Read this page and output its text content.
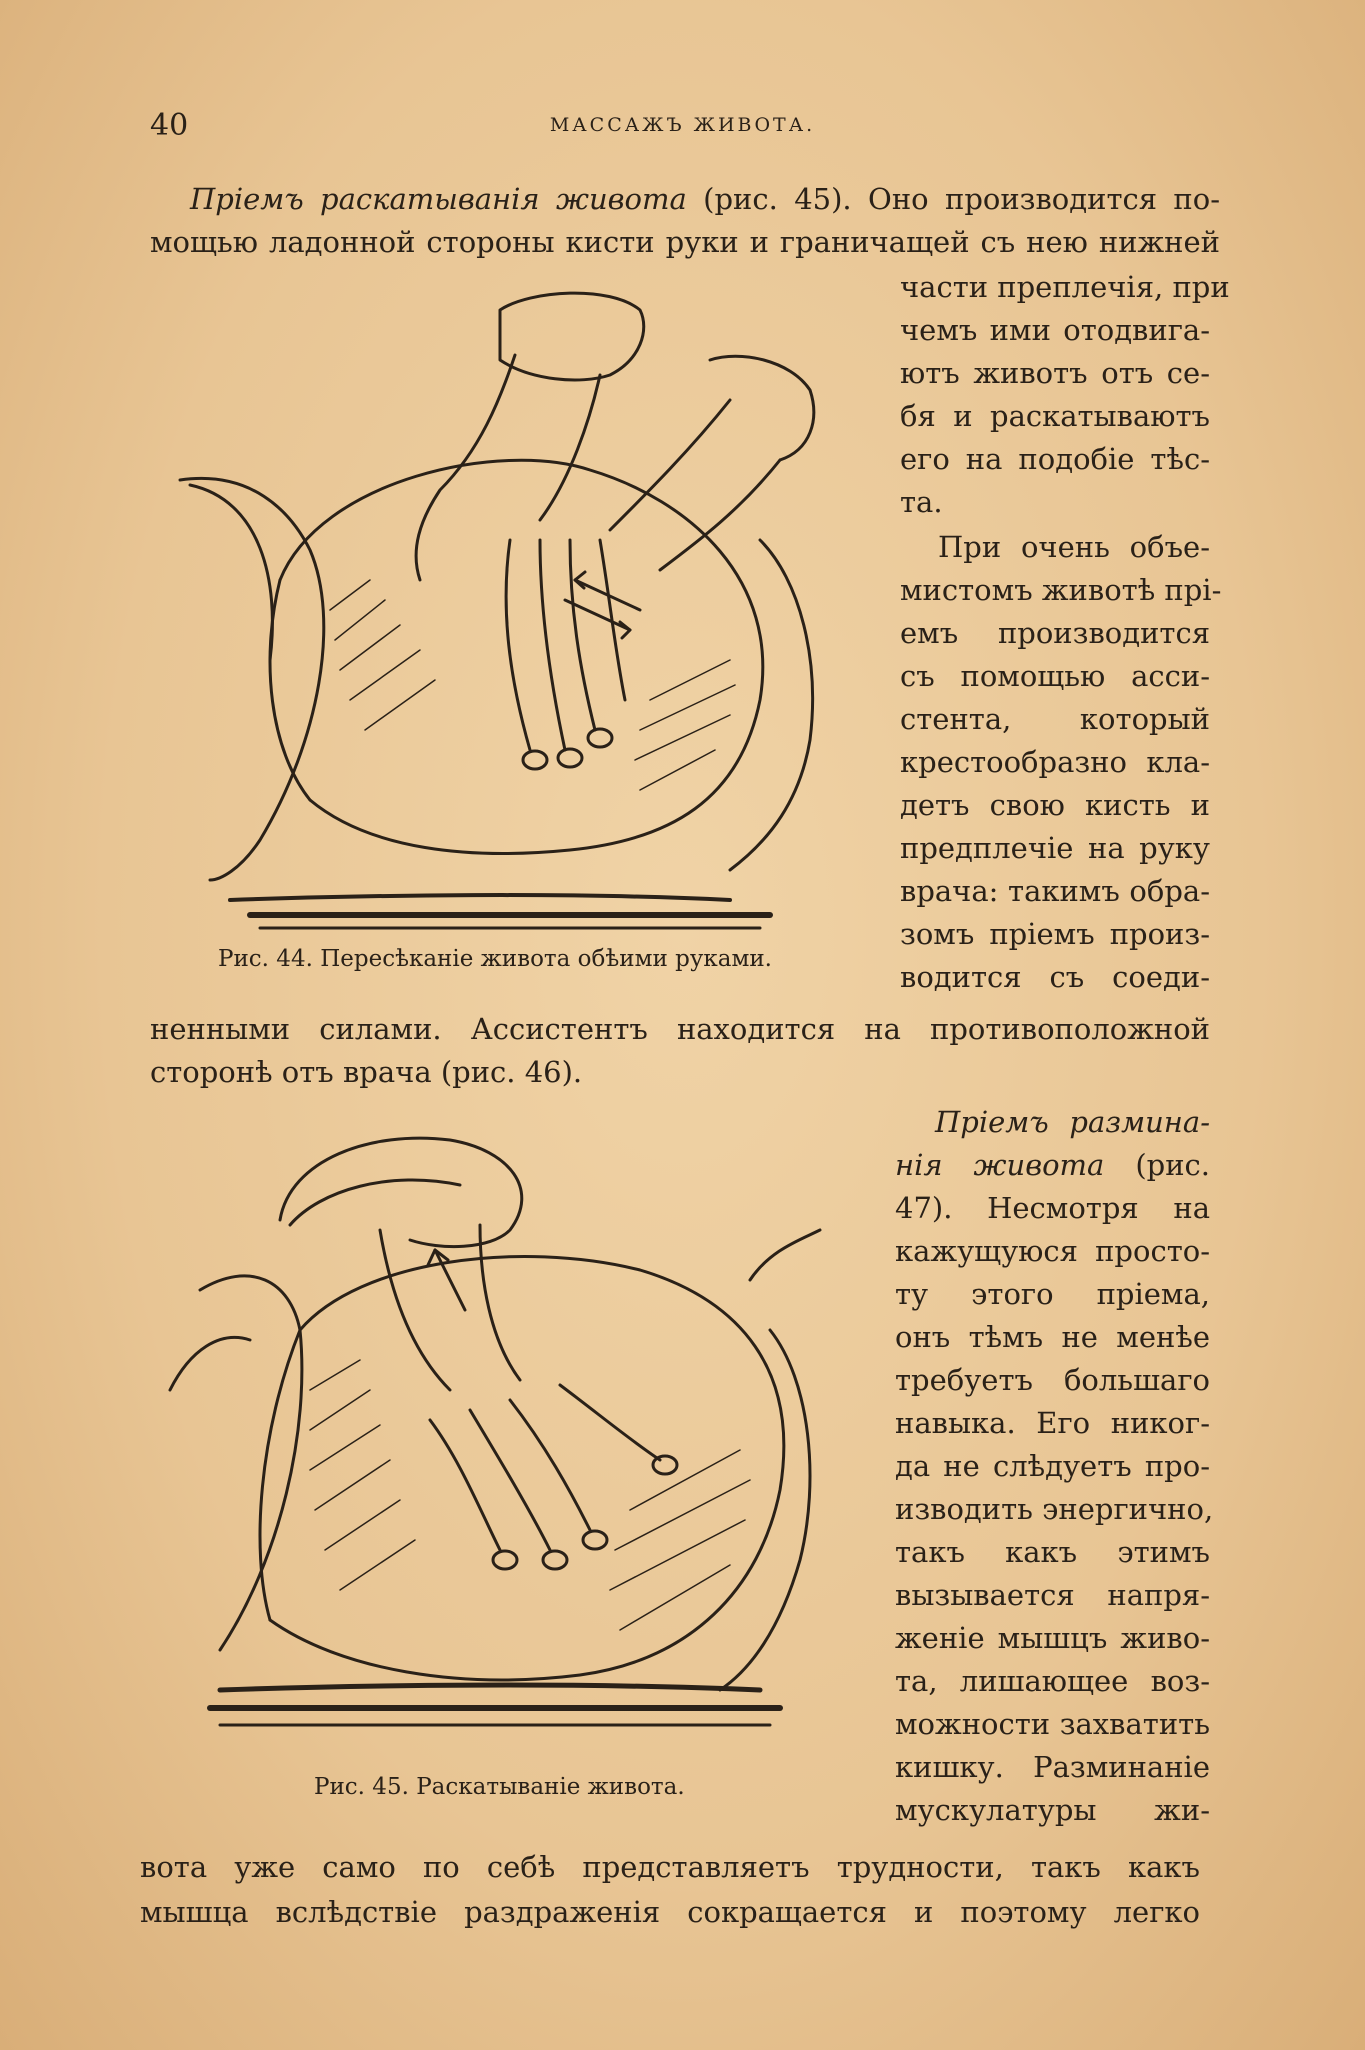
40	МАССАЖЪ ЖИВОТА.
Пріемъ раскатыванія живота (рис. 45). Оно производится по-
мощью ладонной стороны кисти руки и граничащей съ нею нижней
части преплечія, при
чемъ ими отодвига-
ютъ животъ отъ се-
бя и раскатываютъ
его на подобіе тѣс-
та.
При очень объе-
мистомъ животѣ прі-
емъ производится
съ помощью асси-
стента, который
крестообразно кла-
детъ свою кисть и
предплечіе на руку
врача: такимъ обра-
зомъ пріемъ произ-
водится съ соеди-
ненными силами. Ассистентъ находится на противоположной
сторонѣ отъ врача (рис. 46).
Пріемъ размина-
нія живота (рис.
47). Несмотря на
кажущуюся просто-
ту этого пріема,
онъ тѣмъ не менѣе
требуетъ большаго
навыка. Его никог-
да не слѣдуетъ про-
изводить энергично,
такъ какъ этимъ
вызывается напря-
женіе мышцъ живо-
та, лишающее воз-
можности захватить
кишку. Разминаніе
мускулатуры жи-
вота уже само по себѣ представляетъ трудности, такъ какъ
мышца вслѣдствіе раздраженія сокращается и поэтому легко
Рис. 44. Пересѣканіе живота обѣими руками.
Рис. 45. Раскатываніе живота.
